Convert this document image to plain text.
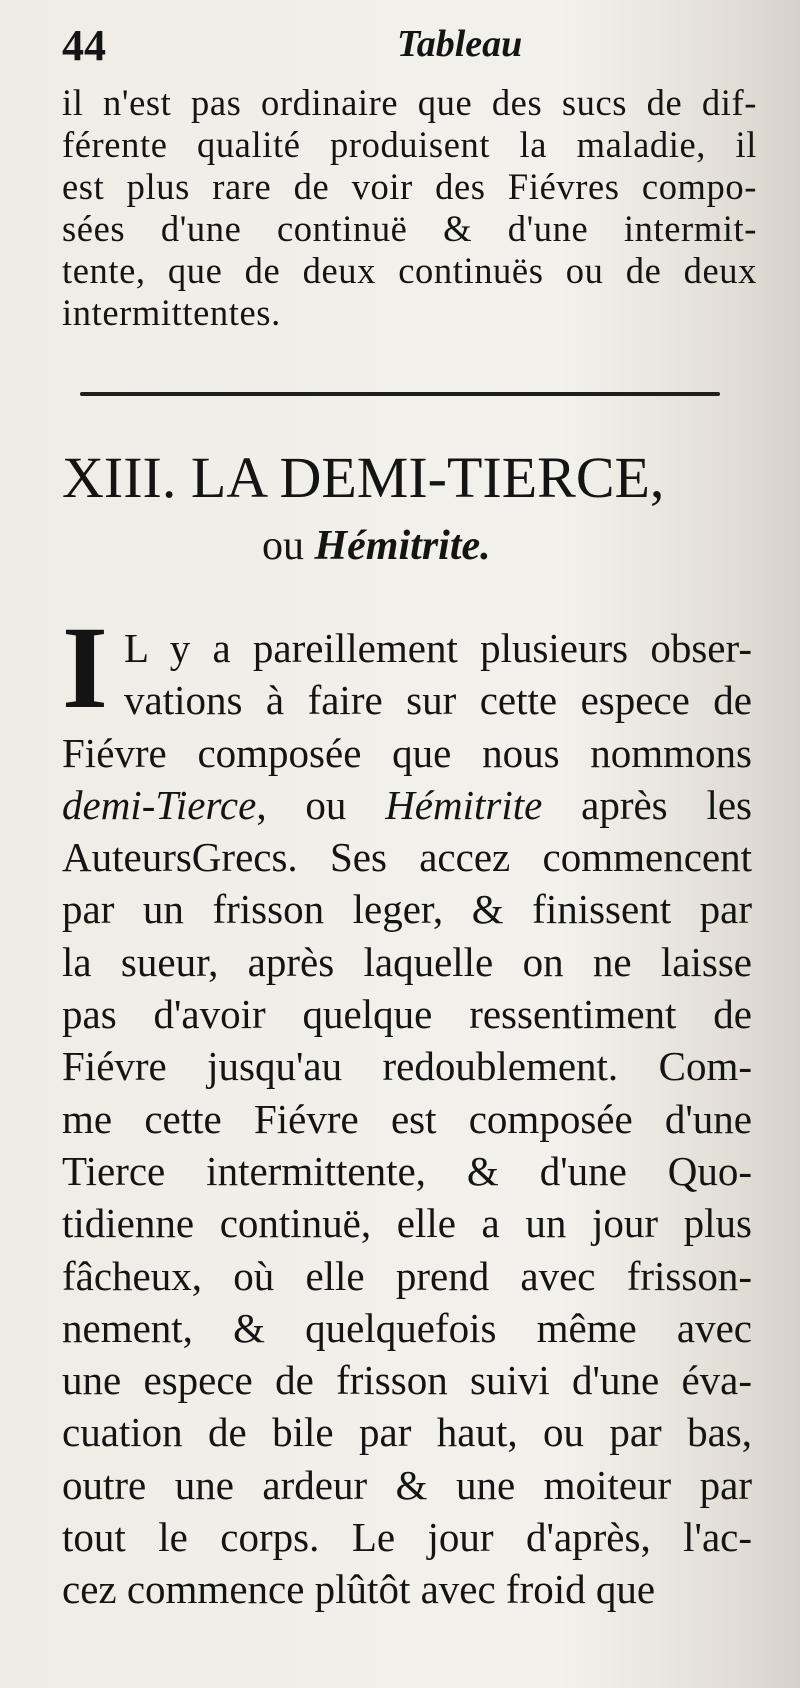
44	Tableau
il n'est pas ordinaire que des sucs de dif-
férente qualité produisent la maladie, il
est plus rare de voir des Fiévres compo-
sées d'une continuë & d'une intermit-
tente, que de deux continuës ou de deux
intermittentes.
XIII. LA DEMI-TIERCE,
ou Hémitrite.
I L y a pareillement plusieurs obser-
vations à faire sur cette espece de
Fiévre composée que nous nommons
demi-Tierce, ou Hémitrite après les
AuteursGrecs. Ses accez commencent
par un frisson leger, & finissent par
la sueur, après laquelle on ne laisse
pas d'avoir quelque ressentiment de
Fiévre jusqu'au redoublement. Com-
me cette Fiévre est composée d'une
Tierce intermittente, & d'une Quo-
tidienne continuë, elle a un jour plus
fâcheux, où elle prend avec frisson-
nement, & quelquefois même avec
une espece de frisson suivi d'une éva-
cuation de bile par haut, ou par bas,
outre une ardeur & une moiteur par
tout le corps. Le jour d'après, l'ac-
cez commence plûtôt avec froid que
